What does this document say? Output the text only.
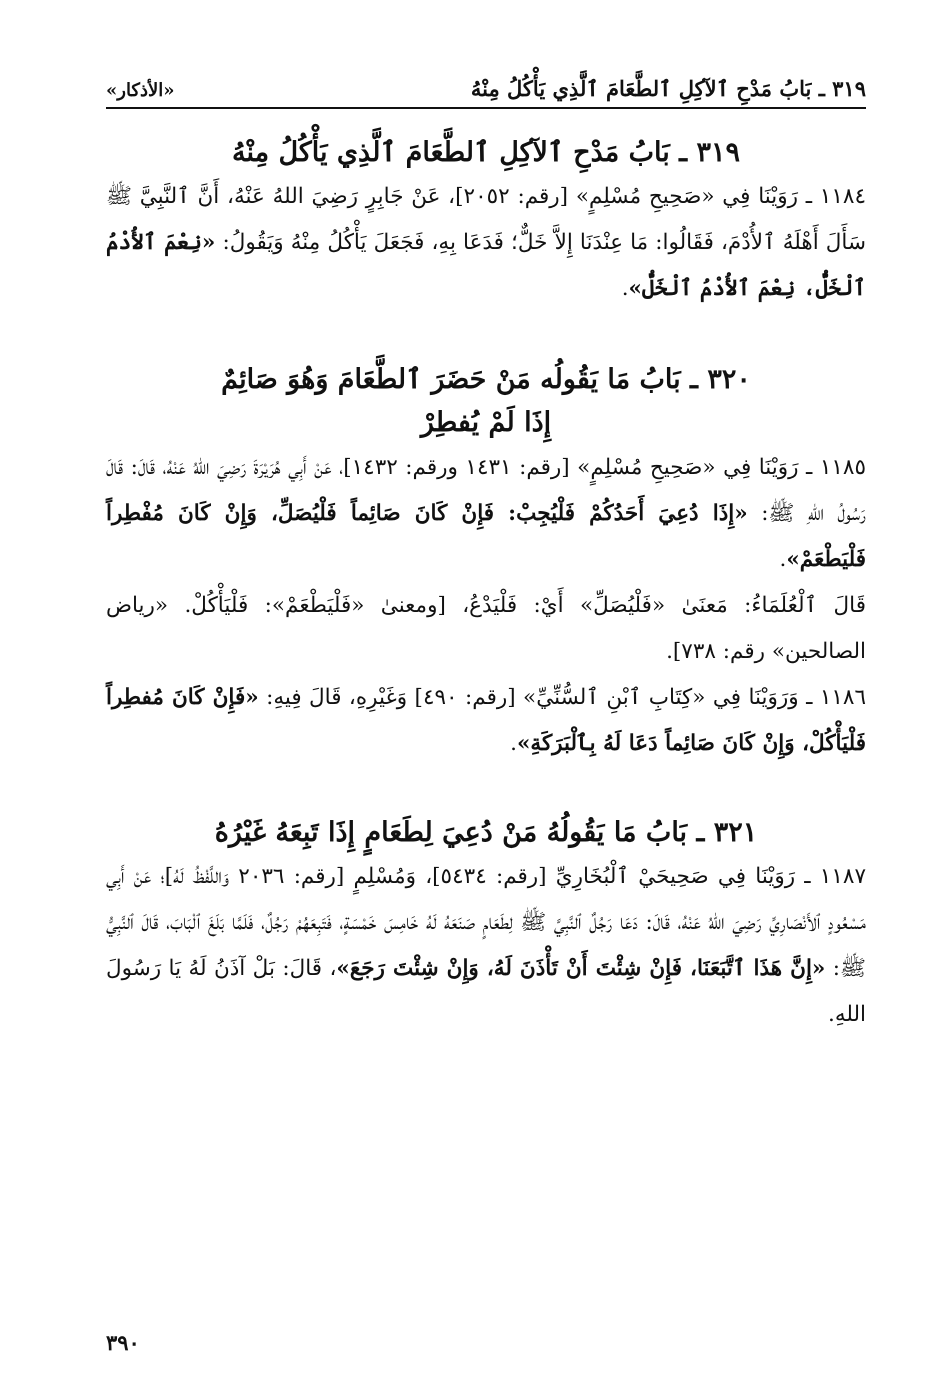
٣١٩ ـ بَابُ مَدْحِ ٱلآكِلِ ٱلطَّعَامَ ٱلَّذِي يَأْكُلُ مِنْهُ
«الأذكار»
٣١٩ ـ بَابُ مَدْحِ ٱلآكِلِ ٱلطَّعَامَ ٱلَّذِي يَأْكُلُ مِنْهُ

١١٨٤ ـ رَوَيْنَا فِي «صَحِيحِ مُسْلِمٍ» [رقم: ٢٠٥٢]، عَنْ جَابِرٍ رَضِيَ اللهُ عَنْهُ، أَنَّ ٱلنَّبِيَّ ﷺ سَأَلَ أَهْلَهُ ٱلأُدْمَ، فَقَالُوا: مَا عِنْدَنَا إِلاَّ خَلٌّ؛ فَدَعَا بِهِ، فَجَعَلَ يَأْكُلُ مِنْهُ وَيَقُولُ: «نِعْمَ ٱلأُدْمُ ٱلْخَلُّ، نِعْمَ ٱلأُدْمُ ٱلْخَلُّ».

٣٢٠ ـ بَابُ مَا يَقُولُه مَنْ حَضَرَ ٱلطَّعَامَ وَهُوَ صَائِمٌ
إِذَا لَمْ يُفطِرْ

١١٨٥ ـ رَوَيْنَا فِي «صَحِيحِ مُسْلِمٍ» [رقم: ١٤٣١ ورقم: ١٤٣٢]، عَنْ أَبِي هُرَيْرَةَ رَضِيَ اللهُ عَنْهُ، قَالَ: قَالَ رَسُولُ اللهِ ﷺ: «إِذَا دُعِيَ أَحَدُكُمْ فَلْيُجِبْ: فَإِنْ كَانَ صَائِماً فَلْيُصَلِّ، وَإِنْ كَانَ مُفْطِراً فَلْيَطْعَمْ».

قَالَ ٱلْعُلَمَاءُ: مَعنَىٰ «فَلْيُصَلِّ» أَيْ: فَلْيَدْعُ، [ومعنىٰ «فَلْيَطْعَمْ»: فَلْيَأْكُلْ. «رياض الصالحين» رقم: ٧٣٨].

١١٨٦ ـ وَرَوَيْنَا فِي «كِتَابِ ٱبْنِ ٱلسُّنِّيِّ» [رقم: ٤٩٠] وَغَيْرِهِ، قَالَ فِيهِ: «فَإِنْ كَانَ مُفطِراً فَلْيَأْكُلْ، وَإِنْ كَانَ صَائِماً دَعَا لَهُ بِٱلْبَرَكَةِ».

٣٢١ ـ بَابُ مَا يَقُولُهُ مَنْ دُعِيَ لِطَعَامٍ إِذَا تَبِعَهُ غَيْرُهُ

١١٨٧ ـ رَوَيْنَا فِي صَحِيحَيْ ٱلْبُخَارِيِّ [رقم: ٥٤٣٤]، وَمُسْلِمٍ [رقم: ٢٠٣٦ وَاللَّفْظُ لَهُ]؛ عَنْ أَبِي مَسْعُودٍ ٱلأَنْصَارِيِّ رَضِيَ اللهُ عَنْهُ، قَالَ: دَعَا رَجُلٌ ٱلنَّبِيَّ ﷺ لِطَعَامٍ صَنَعَهُ لَهُ خَامِسَ خَمْسَةٍ، فَتَبِعَهُمْ رَجُلٌ، فَلَمَّا بَلَغَ ٱلْبَابَ، قَالَ ٱلنَّبِيُّ ﷺ: «إِنَّ هَذَا ٱتَّبَعَنَا، فَإِنْ شِئْتَ أَنْ تَأْذَنَ لَهُ، وَإِنْ شِئْتَ رَجَعَ»، قَالَ: بَلْ آذَنُ لَهُ يَا رَسُولَ اللهِ.

٣٩٠
